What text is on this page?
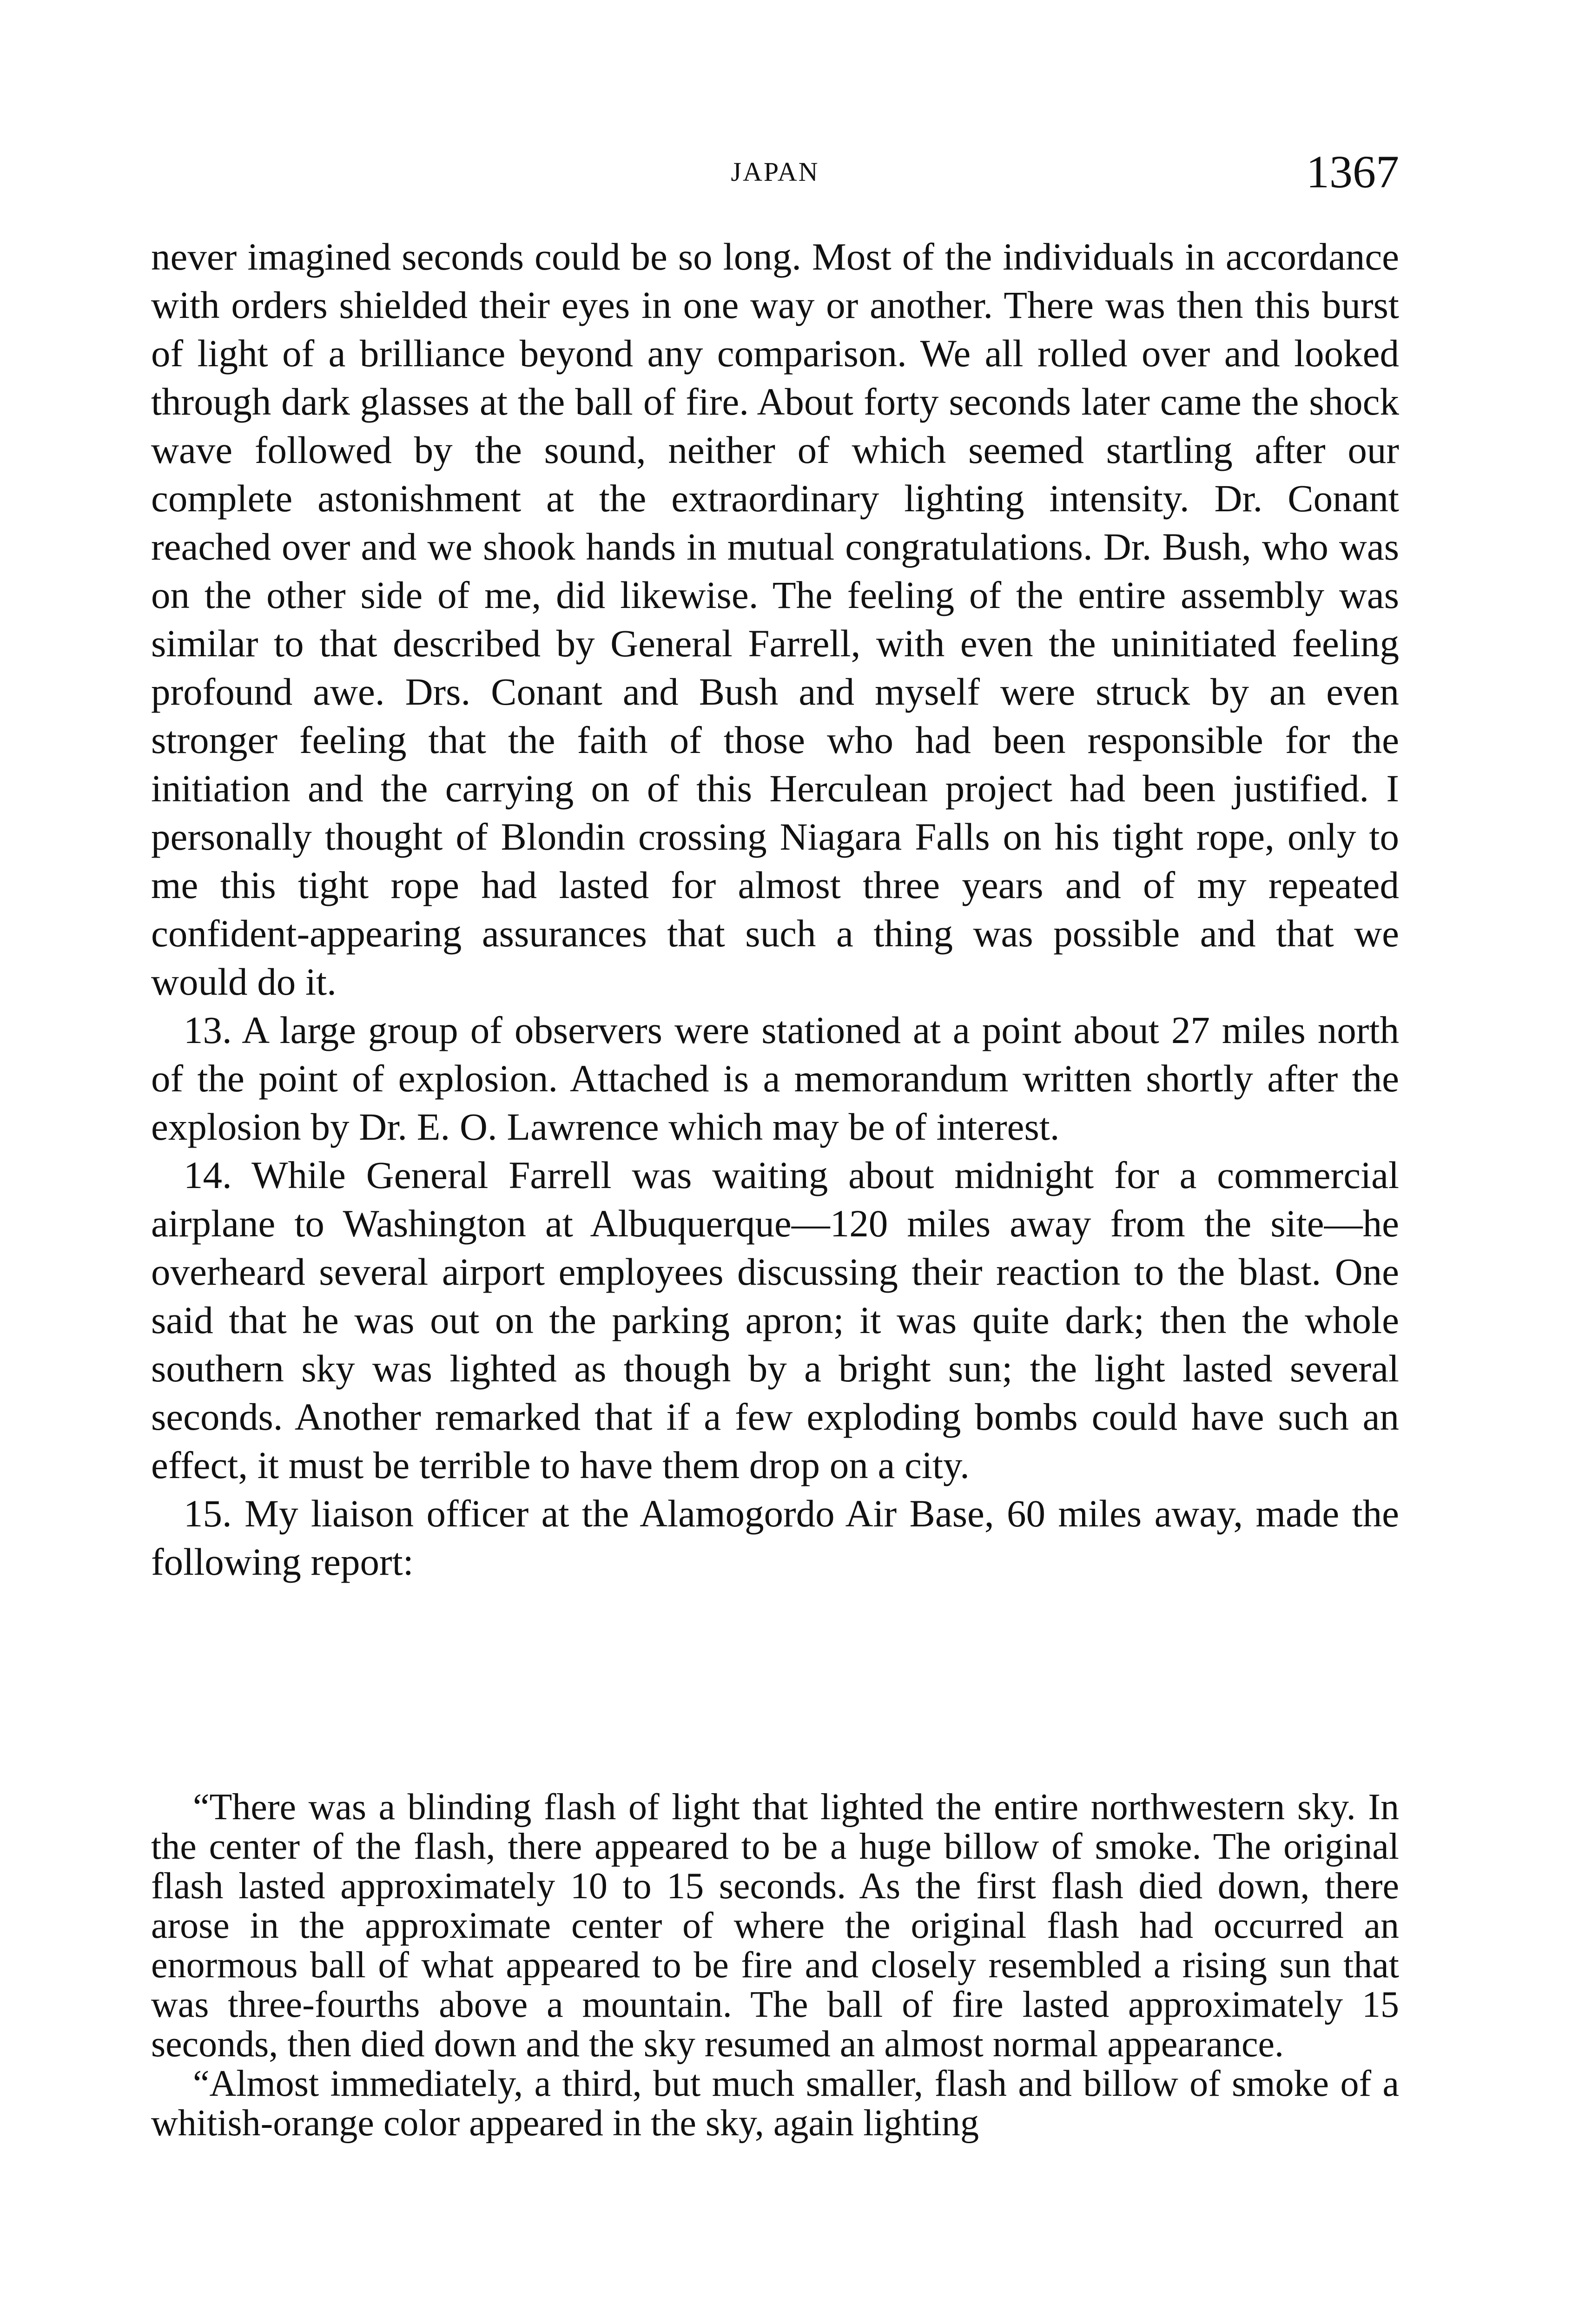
JAPAN	1367

never imagined seconds could be so long. Most of the individuals in accordance with orders shielded their eyes in one way or another. There was then this burst of light of a brilliance beyond any comparison. We all rolled over and looked through dark glasses at the ball of fire. About forty seconds later came the shock wave followed by the sound, neither of which seemed startling after our complete astonishment at the extraordinary lighting intensity. Dr. Conant reached over and we shook hands in mutual congratulations. Dr. Bush, who was on the other side of me, did likewise. The feeling of the entire assembly was similar to that described by General Farrell, with even the uninitiated feeling profound awe. Drs. Conant and Bush and myself were struck by an even stronger feeling that the faith of those who had been responsible for the initiation and the carrying on of this Herculean project had been justified. I personally thought of Blondin crossing Niagara Falls on his tight rope, only to me this tight rope had lasted for almost three years and of my repeated confident-appearing assurances that such a thing was possible and that we would do it.

13. A large group of observers were stationed at a point about 27 miles north of the point of explosion. Attached is a memorandum written shortly after the explosion by Dr. E. O. Lawrence which may be of interest.

14. While General Farrell was waiting about midnight for a commercial airplane to Washington at Albuquerque—120 miles away from the site—he overheard several airport employees discussing their reaction to the blast. One said that he was out on the parking apron; it was quite dark; then the whole southern sky was lighted as though by a bright sun; the light lasted several seconds. Another remarked that if a few exploding bombs could have such an effect, it must be terrible to have them drop on a city.

15. My liaison officer at the Alamogordo Air Base, 60 miles away, made the following report:

“There was a blinding flash of light that lighted the entire northwestern sky. In the center of the flash, there appeared to be a huge billow of smoke. The original flash lasted approximately 10 to 15 seconds. As the first flash died down, there arose in the approximate center of where the original flash had occurred an enormous ball of what appeared to be fire and closely resembled a rising sun that was three-fourths above a mountain. The ball of fire lasted approximately 15 seconds, then died down and the sky resumed an almost normal appearance.

“Almost immediately, a third, but much smaller, flash and billow of smoke of a whitish-orange color appeared in the sky, again lighting
